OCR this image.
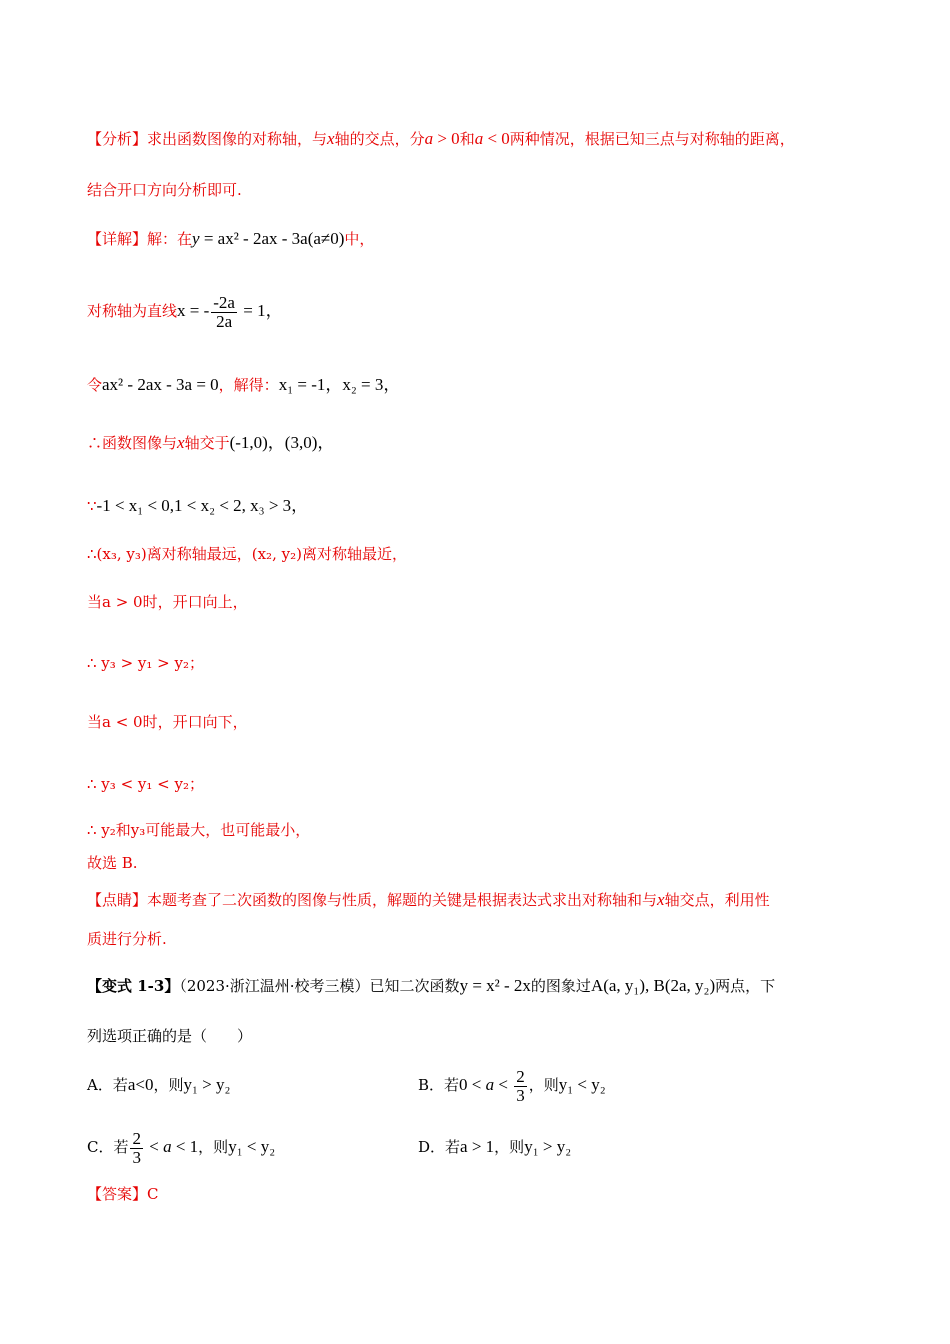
【分析】求出函数图像的对称轴，与x轴的交点，分a > 0和a < 0两种情况，根据已知三点与对称轴的距离，
结合开口方向分析即可.
【详解】解：在y = ax² - 2ax - 3a(a≠0)中，
对称轴为直线x = - $\frac{-2a}{2a} = 1$，
令ax² - 2ax - 3a = 0，解得：x₁ = -1，x₂ = 3，
∴函数图像与x轴交于(-1,0)，(3,0)，
∵-1 < x₁ < 0,1 < x₂ < 2, x₃ > 3，
∴(x₃, y₃)离对称轴最远，(x₂, y₂)离对称轴最近，
当a > 0时，开口向上，
∴ y₃ > y₁ > y₂；
当a < 0时，开口向下，
∴ y₃ < y₁ < y₂；
∴ y₂和y₃可能最大，也可能最小，
故选 B.
【点睛】本题考查了二次函数的图像与性质，解题的关键是根据表达式求出对称轴和与x轴交点，利用性
质进行分析.
【变式 1-3】（2023·浙江温州·校考三模）已知二次函数y = x² - 2x的图象过A(a, y₁), B(2a, y₂)两点，下
列选项正确的是（　　）
A．若a<0，则y₁ > y₂	B．若$0 < a < \frac{2}{3}$ ，则y₁ < y₂
C．若 $\frac{2}{3} < a < 1$，则y₁ < y₂	D．若a > 1，则y₁ > y₂
【答案】C
